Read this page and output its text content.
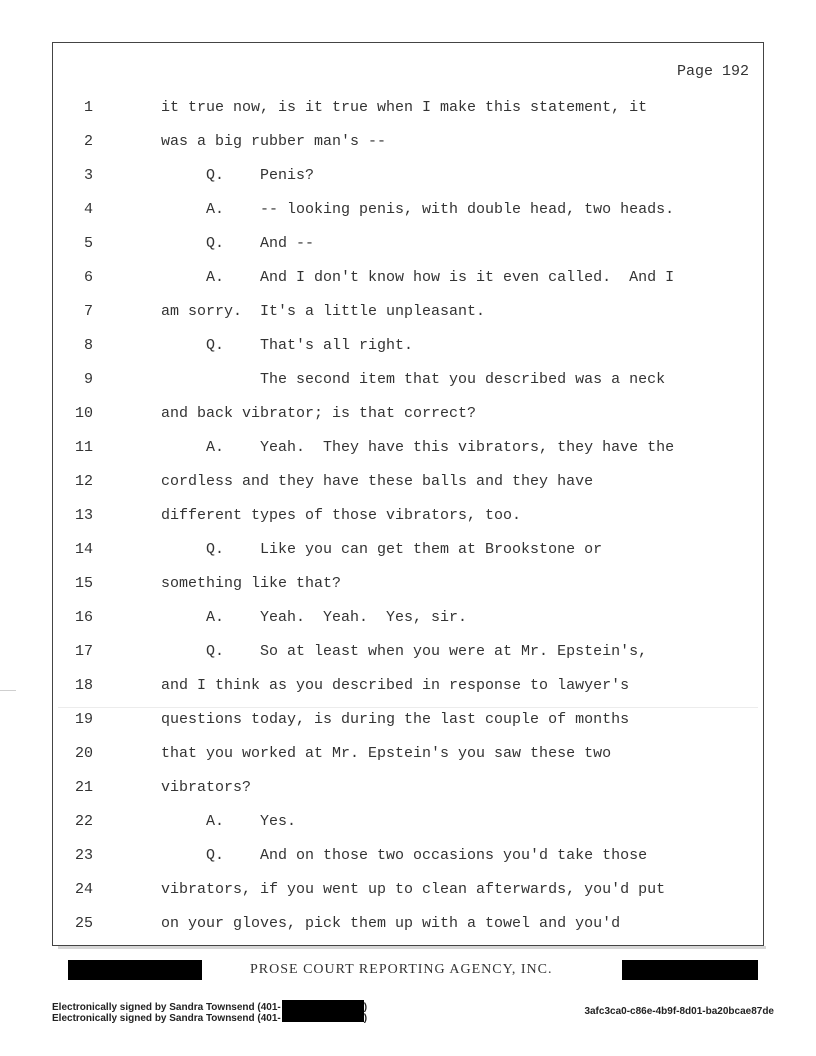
Page 192
1	it true now, is it true when I make this statement, it
2	was a big rubber man's --
3	Q.    Penis?
4	A.    -- looking penis, with double head, two heads.
5	Q.    And --
6	A.    And I don't know how is it even called.  And I
7	am sorry.  It's a little unpleasant.
8	Q.    That's all right.
9	The second item that you described was a neck
10	and back vibrator; is that correct?
11	A.    Yeah.  They have this vibrators, they have the
12	cordless and they have these balls and they have
13	different types of those vibrators, too.
14	Q.    Like you can get them at Brookstone or
15	something like that?
16	A.    Yeah.  Yeah.  Yes, sir.
17	Q.    So at least when you were at Mr. Epstein's,
18	and I think as you described in response to lawyer's
19	questions today, is during the last couple of months
20	that you worked at Mr. Epstein's you saw these two
21	vibrators?
22	A.    Yes.
23	Q.    And on those two occasions you'd take those
24	vibrators, if you went up to clean afterwards, you'd put
25	on your gloves, pick them up with a towel and you'd
PROSE COURT REPORTING AGENCY, INC.
Electronically signed by Sandra Townsend (401-	)
Electronically signed by Sandra Townsend (401-	)
3afc3ca0-c86e-4b9f-8d01-ba20bcae87de
